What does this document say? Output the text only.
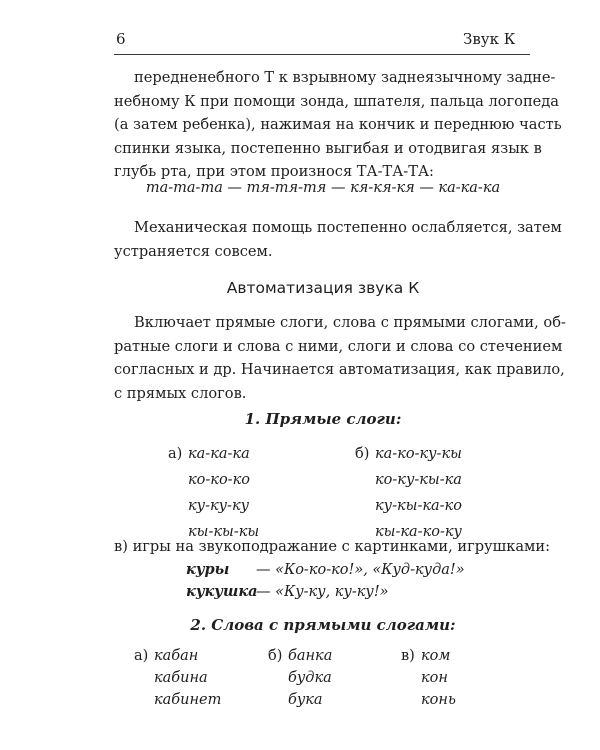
6	Звук К
передненебного Т к взрывному заднеязычному задне-
небному К при помощи зонда, шпателя, пальца логопеда
(а затем ребенка), нажимая на кончик и переднюю часть
спинки языка, постепенно выгибая и отодвигая язык в
глубь рта, при этом произнося ТА-ТА-ТА:
та-та-та — тя-тя-тя — кя-кя-кя — ка-ка-ка
Механическая помощь постепенно ослабляется, затем
устраняется совсем.
Автоматизация звука К
Включает прямые слоги, слова с прямыми слогами, об-
ратные слоги и слова с ними, слоги и слова со стечением
согласных и др. Начинается автоматизация, как правило,
с прямых слогов.
1. Прямые слоги:
а) ка-ка-ка
ко-ко-ко
ку-ку-ку
кы-кы-кы
б) ка-ко-ку-кы
ко-ку-кы-ка
ку-кы-ка-ко
кы-ка-ко-ку
в) игры на звукоподражание с картинками, игрушками:
куры — «Ко-ко-ко!», «Куд-куда!»
кукушка— «Ку-ку, ку-ку!»
2. Слова с прямыми слогами:
а) кабан
кабина
кабинет
б) банка
будка
бука
в) ком
кон
конь
